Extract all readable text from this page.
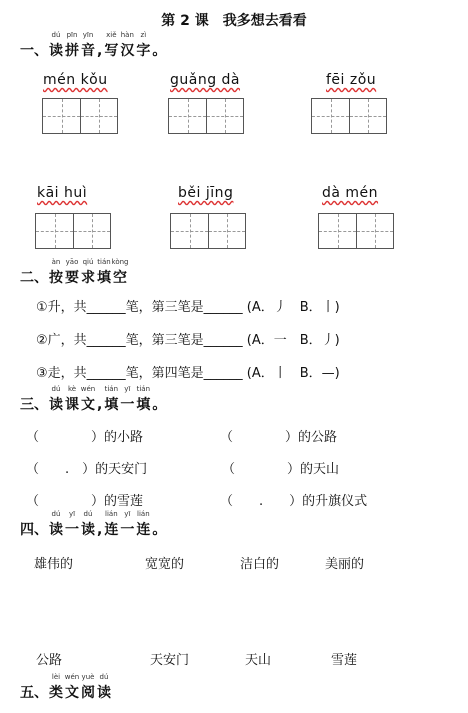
第 2 课　我多想去看看
一、
dú
读
pīn
拼
yīn
音 ,
xiě
写
hàn
汉
zì
字 。
二、
àn
按
yāo
要
qiú
求
tián
填
kòng
空
三、
dú
读
kè
课
wén
文 ,
tián
填
yī
一
tián
填 。
四、
dú
读
yī
一
dú
读 ,
lián
连
yī
一
lián
连 。
五、
lèi
类
wén
文
yuè
阅
dú
读
mén kǒu	guǎng dà	fēi zǒu
kāi huì	běi jīng	dà mén
①升，共______笔，第三笔是______ (A．丿　B．丨)
②广，共______笔，第三笔是______ (A．一　B．丿)
③走，共______笔，第四笔是______ (A．丨　B．—)
（　　　　）的小路	（　　　　）的公路
（　　.　）的天安门	（　　　　）的天山
（　　　　）的雪莲	（　　.　　）的升旗仪式
雄伟的	宽宽的	洁白的	美丽的
公路	天安门	天山	雪莲
